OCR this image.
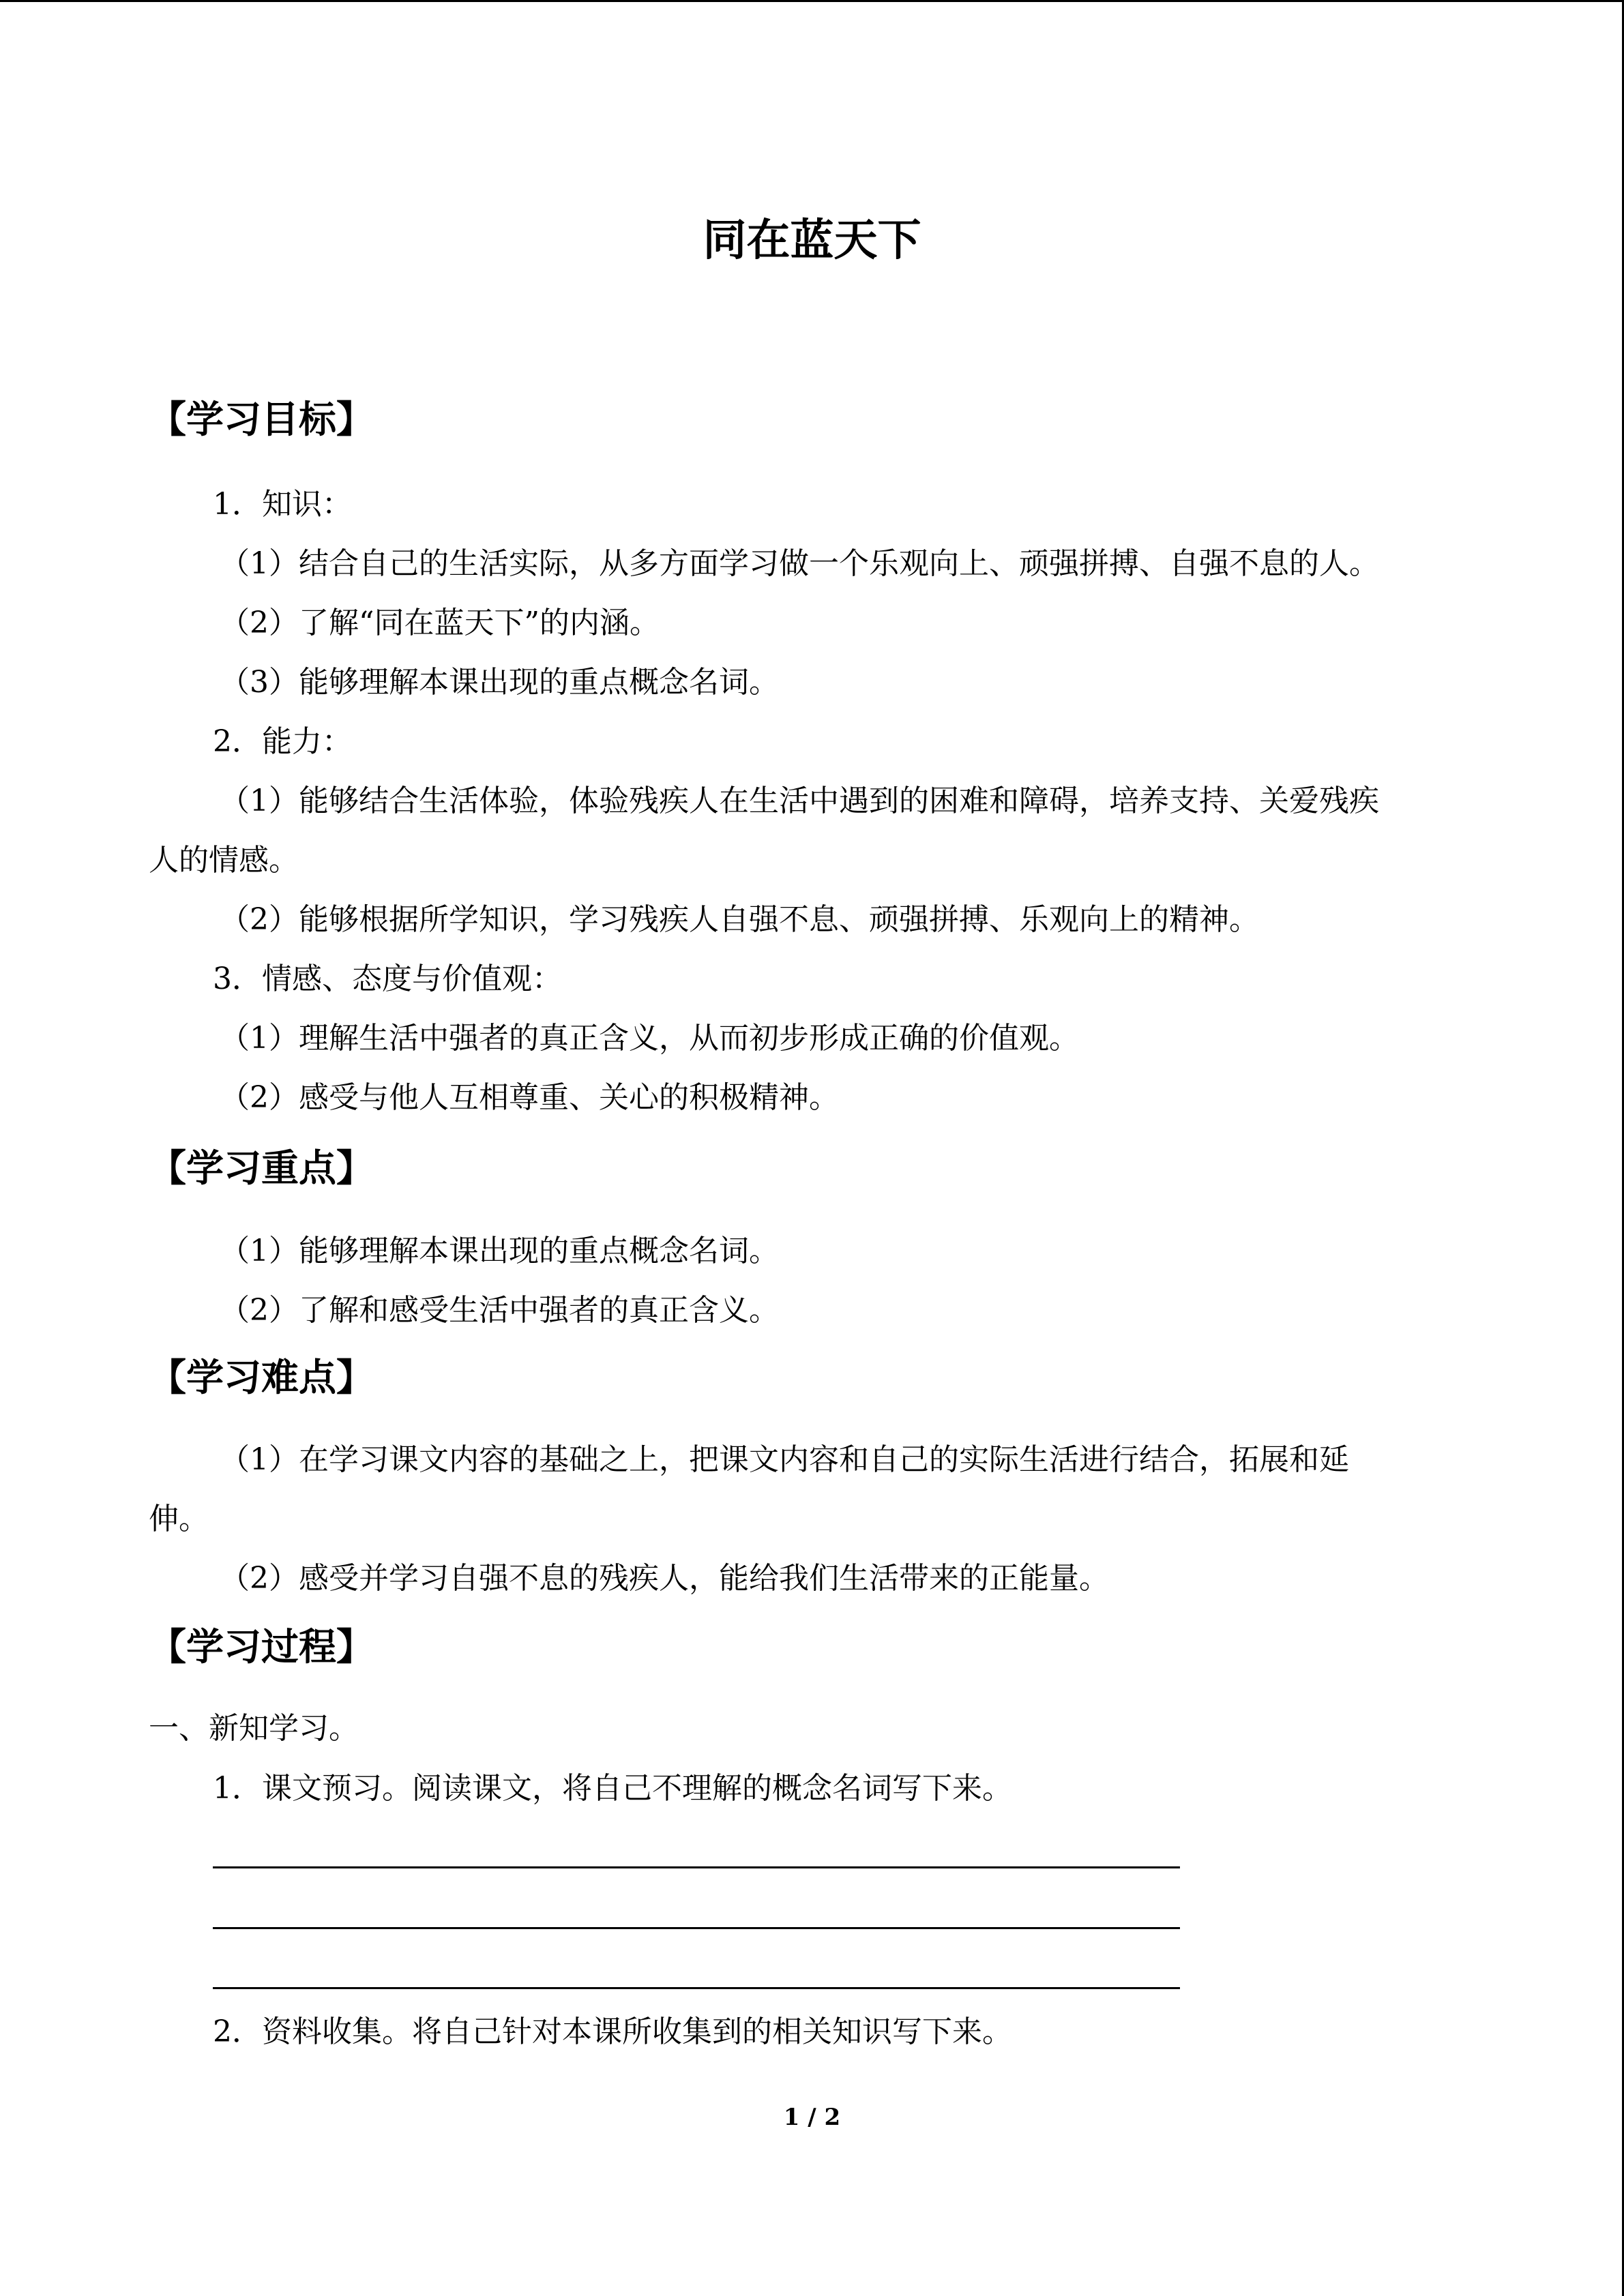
同在蓝天下
【学习目标】
1．知识：
（1）结合自己的生活实际，从多方面学习做一个乐观向上、顽强拼搏、自强不息的人。
（2）了解“同在蓝天下”的内涵。
（3）能够理解本课出现的重点概念名词。
2．能力：
（1）能够结合生活体验，体验残疾人在生活中遇到的困难和障碍，培养支持、关爱残疾
人的情感。
（2）能够根据所学知识，学习残疾人自强不息、顽强拼搏、乐观向上的精神。
3．情感、态度与价值观：
（1）理解生活中强者的真正含义，从而初步形成正确的价值观。
（2）感受与他人互相尊重、关心的积极精神。
【学习重点】
（1）能够理解本课出现的重点概念名词。
（2）了解和感受生活中强者的真正含义。
【学习难点】
（1）在学习课文内容的基础之上，把课文内容和自己的实际生活进行结合，拓展和延
伸。
（2）感受并学习自强不息的残疾人，能给我们生活带来的正能量。
【学习过程】
一、新知学习。
1．课文预习。阅读课文，将自己不理解的概念名词写下来。
2．资料收集。将自己针对本课所收集到的相关知识写下来。
1 / 2
